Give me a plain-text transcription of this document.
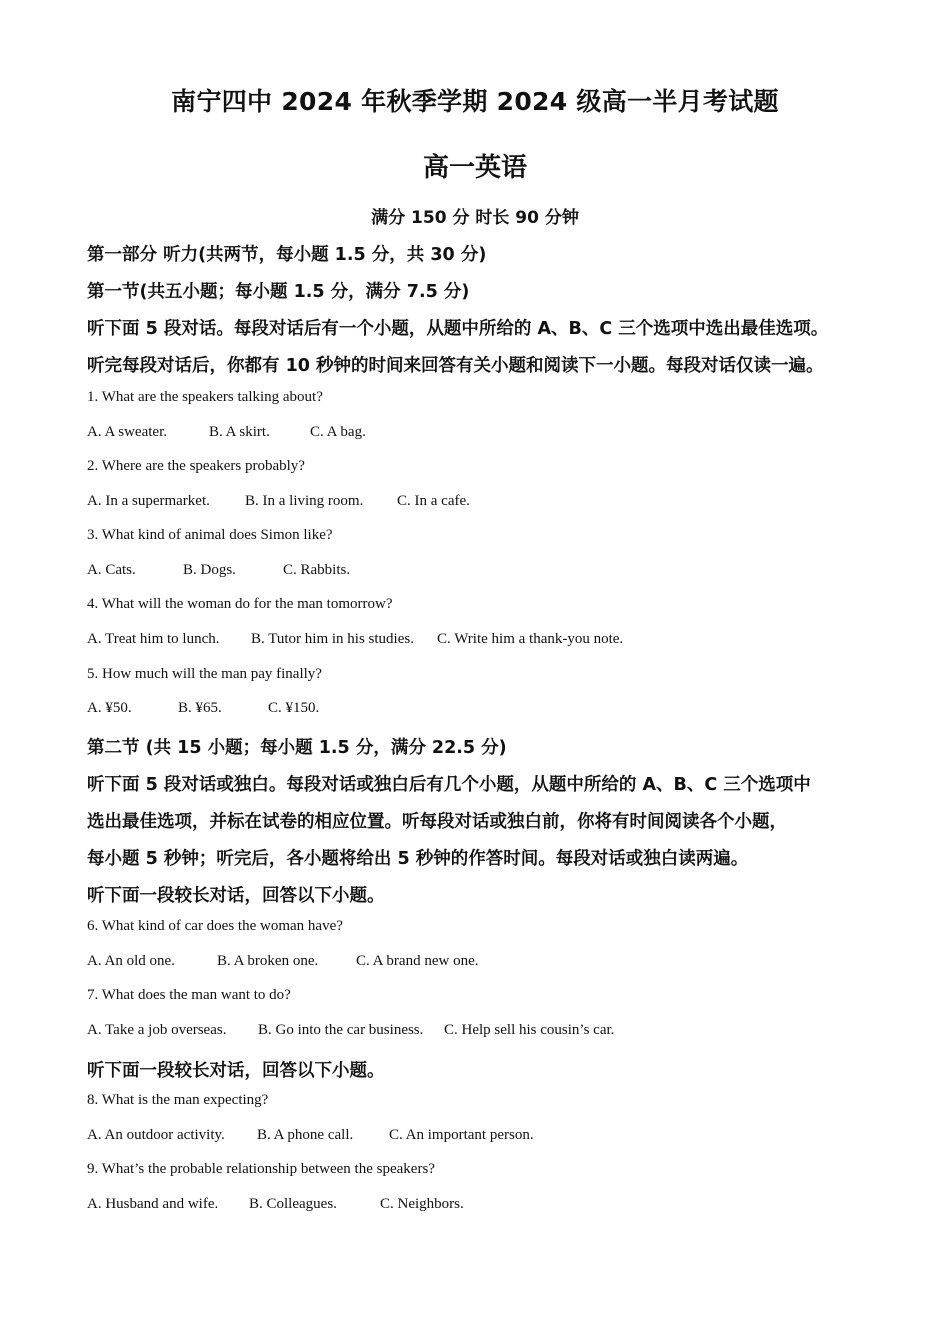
南宁四中 2024 年秋季学期 2024 级高一半月考试题
高一英语
满分 150 分 时长 90 分钟
第一部分 听力(共两节，每小题 1.5 分，共 30 分)
第一节(共五小题；每小题 1.5 分，满分 7.5 分)
听下面 5 段对话。每段对话后有一个小题，从题中所给的 A、B、C 三个选项中选出最佳选项。
听完每段对话后，你都有 10 秒钟的时间来回答有关小题和阅读下一小题。每段对话仅读一遍。
1. What are the speakers talking about?
A. A sweater.	B. A skirt.	C. A bag.
2. Where are the speakers probably?
A. In a supermarket. B. In a living room. C. In a cafe.
3. What kind of animal does Simon like?
A. Cats.	B. Dogs.	C. Rabbits.
4. What will the woman do for the man tomorrow?
A. Treat him to lunch. B. Tutor him in his studies. C. Write him a thank-you note.
5. How much will the man pay finally?
A. ¥50.	B. ¥65.	C. ¥150.
第二节 (共 15 小题；每小题 1.5 分，满分 22.5 分)
听下面 5 段对话或独白。每段对话或独白后有几个小题，从题中所给的 A、B、C 三个选项中
选出最佳选项，并标在试卷的相应位置。听每段对话或独白前，你将有时间阅读各个小题，
每小题 5 秒钟；听完后，各小题将给出 5 秒钟的作答时间。每段对话或独白读两遍。
听下面一段较长对话，回答以下小题。
6. What kind of car does the woman have?
A. An old one.	B. A broken one.	C. A brand new one.
7. What does the man want to do?
A. Take a job overseas. B. Go into the car business. C. Help sell his cousin’s car.
听下面一段较长对话，回答以下小题。
8. What is the man expecting?
A. An outdoor activity. B. A phone call. C. An important person.
9. What’s the probable relationship between the speakers?
A. Husband and wife. B. Colleagues.	C. Neighbors.
